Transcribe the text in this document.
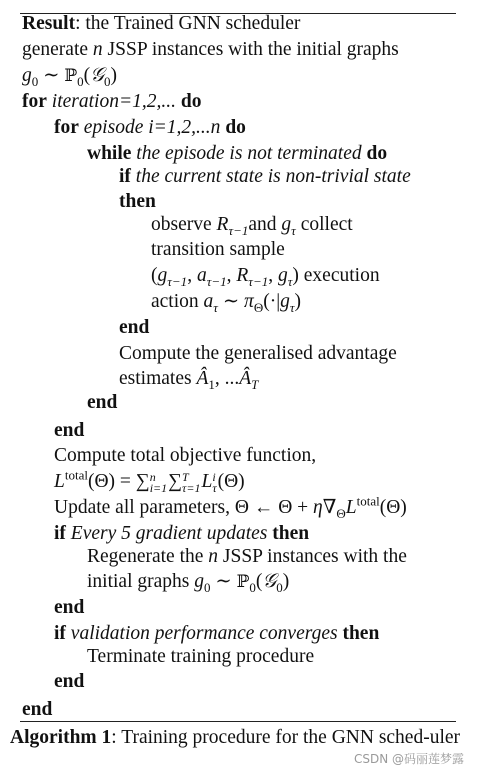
Result: the Trained GNN scheduler
generate n JSSP instances with the initial graphs
$g_0$ ∼ ℙ$_0$(𝒢$_0$)
for iteration=1,2,... do
for episode i=1,2,...n do
while the episode is not terminated do
if the current state is non-trivial state
then
observe $R_{\tau-1}and$ $g_\tau$ collect
transition sample
($g_{\tau-1}$, $a_{\tau-1}$, $R_{\tau-1}$, $g_\tau$) execution
action $a_\tau$ ∼ $\pi_\Theta(\cdot|g_\tau)$
end
Compute the generalised advantage
estimates $Â_1$, $...Â_T$
end
end
Compute total objective function,
$L^{total}(\Theta) = \sum n$
i=1∑T
τ=1Li
τ(Θ)
Update all parameters, Θ ← $\Theta + \eta\nabla_\Theta L^{total}(\Theta)$
if Every 5 gradient updates then
Regenerate the n JSSP instances with the
initial graphs $g_0$ ∼ ℙ$_0$(𝒢$_0$)
end
if validation performance converges then
Terminate training procedure
end
end
Algorithm 1: Training procedure for the GNN sched-uler
CSDN @码丽莲梦露
